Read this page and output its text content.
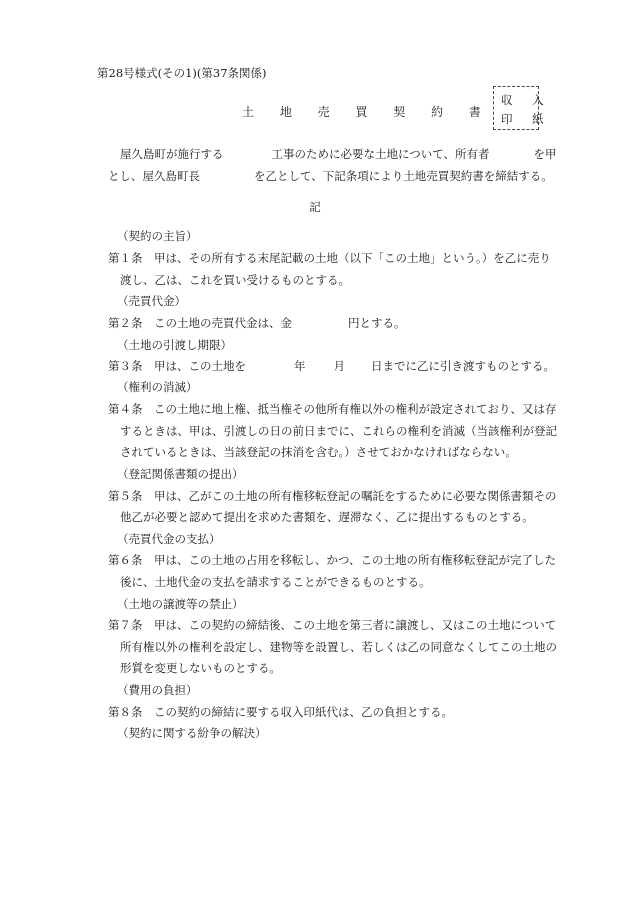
第28号様式(その1)(第37条関係)
土 地 売 買 契 約 書
収 入
印 紙
屋久島町が施行する	工事のために必要な土地について、所有者	を甲
とし、屋久島町長	を乙として、下記条項により土地売買契約書を締結する。
記
（契約の主旨）
第１条　甲は、その所有する末尾記載の土地（以下「この土地」という。）を乙に売り
渡し、乙は、これを買い受けるものとする。
（売買代金）
第２条　この土地の売買代金は、金	円とする。
（土地の引渡し期限）
第３条　甲は、この土地を	年 月 日までに乙に引き渡すものとする。
（権利の消滅）
第４条　この土地に地上権、抵当権その他所有権以外の権利が設定されており、又は存
するときは、甲は、引渡しの日の前日までに、これらの権利を消滅（当該権利が登記
されているときは、当該登記の抹消を含む。）させておかなければならない。
（登記関係書類の提出）
第５条　甲は、乙がこの土地の所有権移転登記の嘱託をするために必要な関係書類その
他乙が必要と認めて提出を求めた書類を、遅滞なく、乙に提出するものとする。
（売買代金の支払）
第６条　甲は、この土地の占用を移転し、かつ、この土地の所有権移転登記が完了した
後に、土地代金の支払を請求することができるものとする。
（土地の譲渡等の禁止）
第７条　甲は、この契約の締結後、この土地を第三者に譲渡し、又はこの土地について
所有権以外の権利を設定し、建物等を設置し、若しくは乙の同意なくしてこの土地の
形質を変更しないものとする。
（費用の負担）
第８条　この契約の締結に要する収入印紙代は、乙の負担とする。
（契約に関する紛争の解決）
